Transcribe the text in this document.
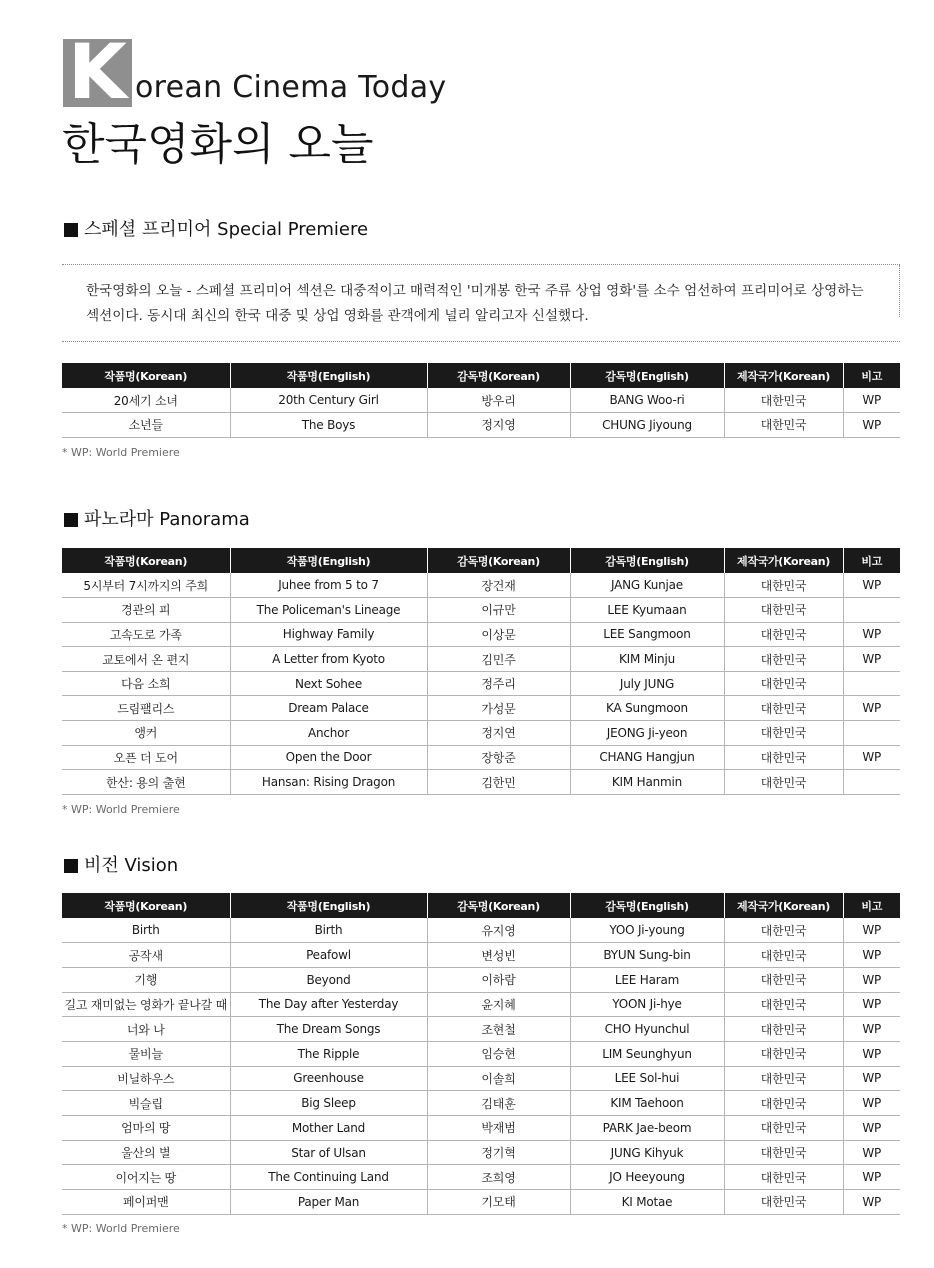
K orean Cinema Today
한국영화의 오늘
스페셜 프리미어 Special Premiere
한국영화의 오늘 - 스페셜 프리미어 섹션은 대중적이고 매력적인 '미개봉 한국 주류 상업 영화'를 소수 엄선하여 프리미어로 상영하는 섹션이다. 동시대 최신의 한국 대중 및 상업 영화를 관객에게 널리 알리고자 신설했다.
작품명(Korean)	작품명(English)	감독명(Korean)	감독명(English)	제작국가(Korean)	비고
20세기 소녀	20th Century Girl	방우리	BANG Woo-ri	대한민국	WP
소년들	The Boys	정지영	CHUNG Jiyoung	대한민국	WP
* WP: World Premiere
파노라마 Panorama
작품명(Korean)	작품명(English)	감독명(Korean)	감독명(English)	제작국가(Korean)	비고
5시부터 7시까지의 주희	Juhee from 5 to 7	장건재	JANG Kunjae	대한민국	WP
경관의 피	The Policeman's Lineage	이규만	LEE Kyumaan	대한민국	
고속도로 가족	Highway Family	이상문	LEE Sangmoon	대한민국	WP
교토에서 온 편지	A Letter from Kyoto	김민주	KIM Minju	대한민국	WP
다음 소희	Next Sohee	정주리	July JUNG	대한민국	
드림팰리스	Dream Palace	가성문	KA Sungmoon	대한민국	WP
앵커	Anchor	정지연	JEONG Ji-yeon	대한민국	
오픈 더 도어	Open the Door	장항준	CHANG Hangjun	대한민국	WP
한산: 용의 출현	Hansan: Rising Dragon	김한민	KIM Hanmin	대한민국	
* WP: World Premiere
비전 Vision
작품명(Korean)	작품명(English)	감독명(Korean)	감독명(English)	제작국가(Korean)	비고
Birth	Birth	유지영	YOO Ji-young	대한민국	WP
공작새	Peafowl	변성빈	BYUN Sung-bin	대한민국	WP
기행	Beyond	이하람	LEE Haram	대한민국	WP
길고 재미없는 영화가 끝나갈 때	The Day after Yesterday	윤지혜	YOON Ji-hye	대한민국	WP
너와 나	The Dream Songs	조현철	CHO Hyunchul	대한민국	WP
물비늘	The Ripple	임승현	LIM Seunghyun	대한민국	WP
비닐하우스	Greenhouse	이솔희	LEE Sol-hui	대한민국	WP
빅슬립	Big Sleep	김태훈	KIM Taehoon	대한민국	WP
엄마의 땅	Mother Land	박재범	PARK Jae-beom	대한민국	WP
울산의 별	Star of Ulsan	정기혁	JUNG Kihyuk	대한민국	WP
이어지는 땅	The Continuing Land	조희영	JO Heeyoung	대한민국	WP
페이퍼맨	Paper Man	기모태	KI Motae	대한민국	WP
* WP: World Premiere
